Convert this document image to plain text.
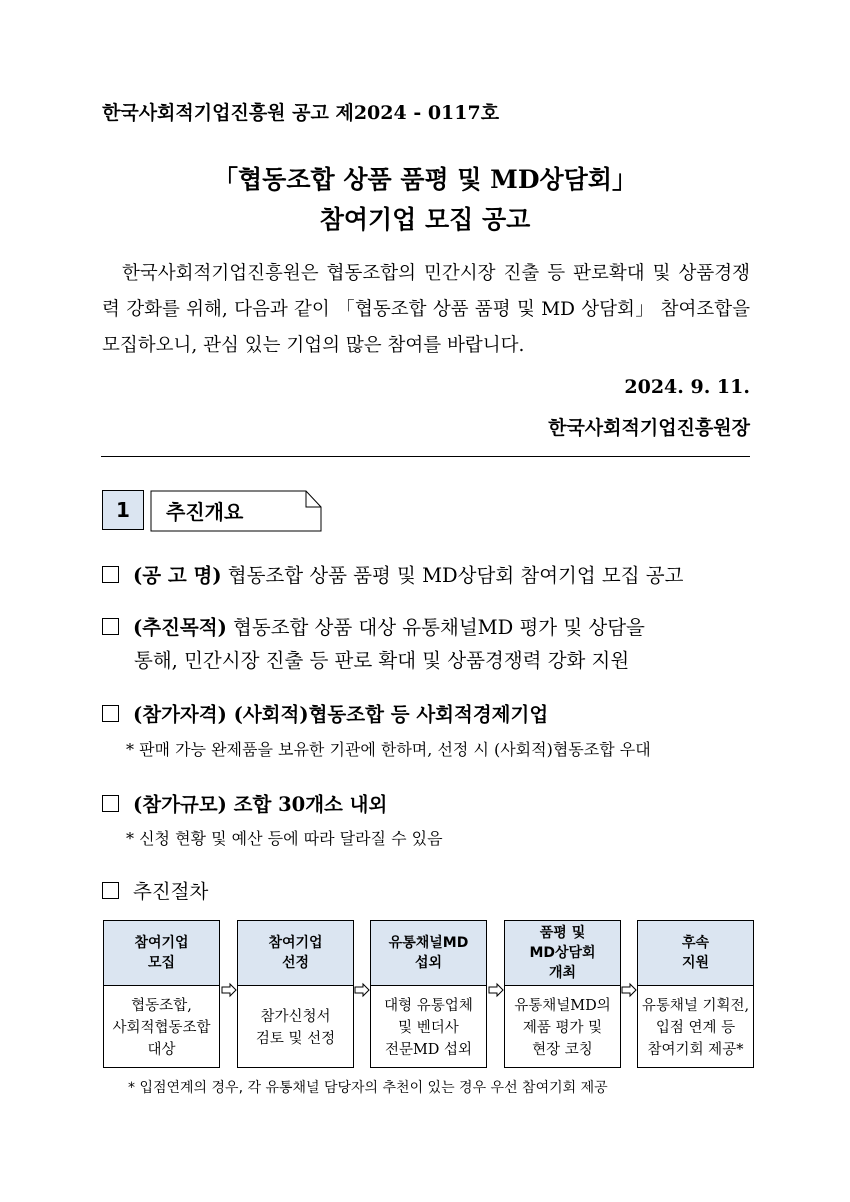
한국사회적기업진흥원 공고 제2024 - 0117호
「협동조합 상품 품평 및 MD상담회」
참여기업 모집 공고
한국사회적기업진흥원은 협동조합의 민간시장 진출 등 판로확대 및 상품경쟁력 강화를 위해, 다음과 같이 「협동조합 상품 품평 및 MD 상담회」 참여조합을 모집하오니, 관심 있는 기업의 많은 참여를 바랍니다.
2024. 9. 11.
한국사회적기업진흥원장
1	추진개요
(공 고 명) 협동조합 상품 품평 및 MD상담회 참여기업 모집 공고
(추진목적) 협동조합 상품 대상 유통채널MD 평가 및 상담을
통해, 민간시장 진출 등 판로 확대 및 상품경쟁력 강화 지원
(참가자격) (사회적)협동조합 등 사회적경제기업
* 판매 가능 완제품을 보유한 기관에 한하며, 선정 시 (사회적)협동조합 우대
(참가규모) 조합 30개소 내외
* 신청 현황 및 예산 등에 따라 달라질 수 있음
추진절차
참여기업
모집
협동조합,
사회적협동조합
대상
참여기업
선정
참가신청서
검토 및 선정
유통채널MD
섭외
대형 유통업체
및 벤더사
전문MD 섭외
품평 및
MD상담회
개최
유통채널MD의
제품 평가 및
현장 코칭
후속
지원
유통채널 기획전,
입점 연계 등
참여기회 제공*
* 입점연계의 경우, 각 유통채널 담당자의 추천이 있는 경우 우선 참여기회 제공
